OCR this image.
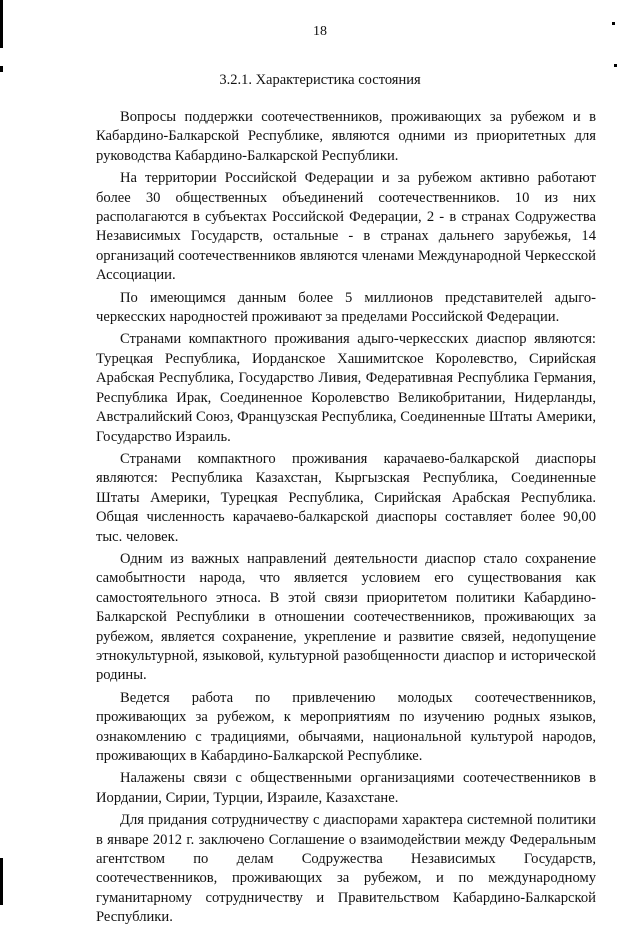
18
3.2.1. Характеристика состояния

Вопросы поддержки соотечественников, проживающих за рубежом и в Кабардино-Балкарской Республике, являются одними из приоритетных для руководства Кабардино-Балкарской Республики.

На территории Российской Федерации и за рубежом активно работают более 30 общественных объединений соотечественников. 10 из них располагаются в субъектах Российской Федерации, 2 - в странах Содружества Независимых Государств, остальные - в странах дальнего зарубежья, 14 организаций соотечественников являются членами Международной Черкесской Ассоциации.

По имеющимся данным более 5 миллионов представителей адыго-черкесских народностей проживают за пределами Российской Федерации.

Странами компактного проживания адыго-черкесских диаспор являются: Турецкая Республика, Иорданское Хашимитское Королевство, Сирийская Арабская Республика, Государство Ливия, Федеративная Республика Германия, Республика Ирак, Соединенное Королевство Великобритании, Нидерланды, Австралийский Союз, Французская Республика, Соединенные Штаты Америки, Государство Израиль.

Странами компактного проживания карачаево-балкарской диаспоры являются: Республика Казахстан, Кыргызская Республика, Соединенные Штаты Америки, Турецкая Республика, Сирийская Арабская Республика. Общая численность карачаево-балкарской диаспоры составляет более 90,00 тыс. человек.

Одним из важных направлений деятельности диаспор стало сохранение самобытности народа, что является условием его существования как самостоятельного этноса. В этой связи приоритетом политики Кабардино-Балкарской Республики в отношении соотечественников, проживающих за рубежом, является сохранение, укрепление и развитие связей, недопущение этнокультурной, языковой, культурной разобщенности диаспор и исторической родины.

Ведется работа по привлечению молодых соотечественников, проживающих за рубежом, к мероприятиям по изучению родных языков, ознакомлению с традициями, обычаями, национальной культурой народов, проживающих в Кабардино-Балкарской Республике.

Налажены связи с общественными организациями соотечественников в Иордании, Сирии, Турции, Израиле, Казахстане.

Для придания сотрудничеству с диаспорами характера системной политики в январе 2012 г. заключено Соглашение о взаимодействии между Федеральным агентством по делам Содружества Независимых Государств, соотечественников, проживающих за рубежом, и по международному гуманитарному сотрудничеству и Правительством Кабардино-Балкарской Республики.
